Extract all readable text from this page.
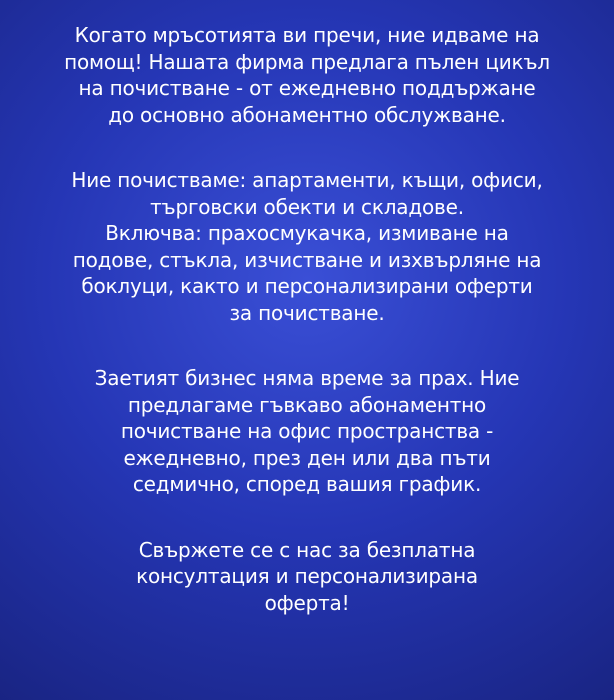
Когато мръсотията ви пречи, ние идваме на
помощ! Нашата фирма предлага пълен цикъл
на почистване - от ежедневно поддържане
до основно абонаментно обслужване.

Ние почистваме: апартаменти, къщи, офиси,
търговски обекти и складове.
Включва: прахосмукачка, измиване на
подове, стъкла, изчистване и изхвърляне на
боклуци, както и персонализирани оферти
за почистване.

Заетият бизнес няма време за прах. Ние
предлагаме гъвкаво абонаментно
почистване на офис пространства -
ежедневно, през ден или два пъти
седмично, според вашия график.

Свържете се с нас за безплатна
консултация и персонализирана
оферта!
